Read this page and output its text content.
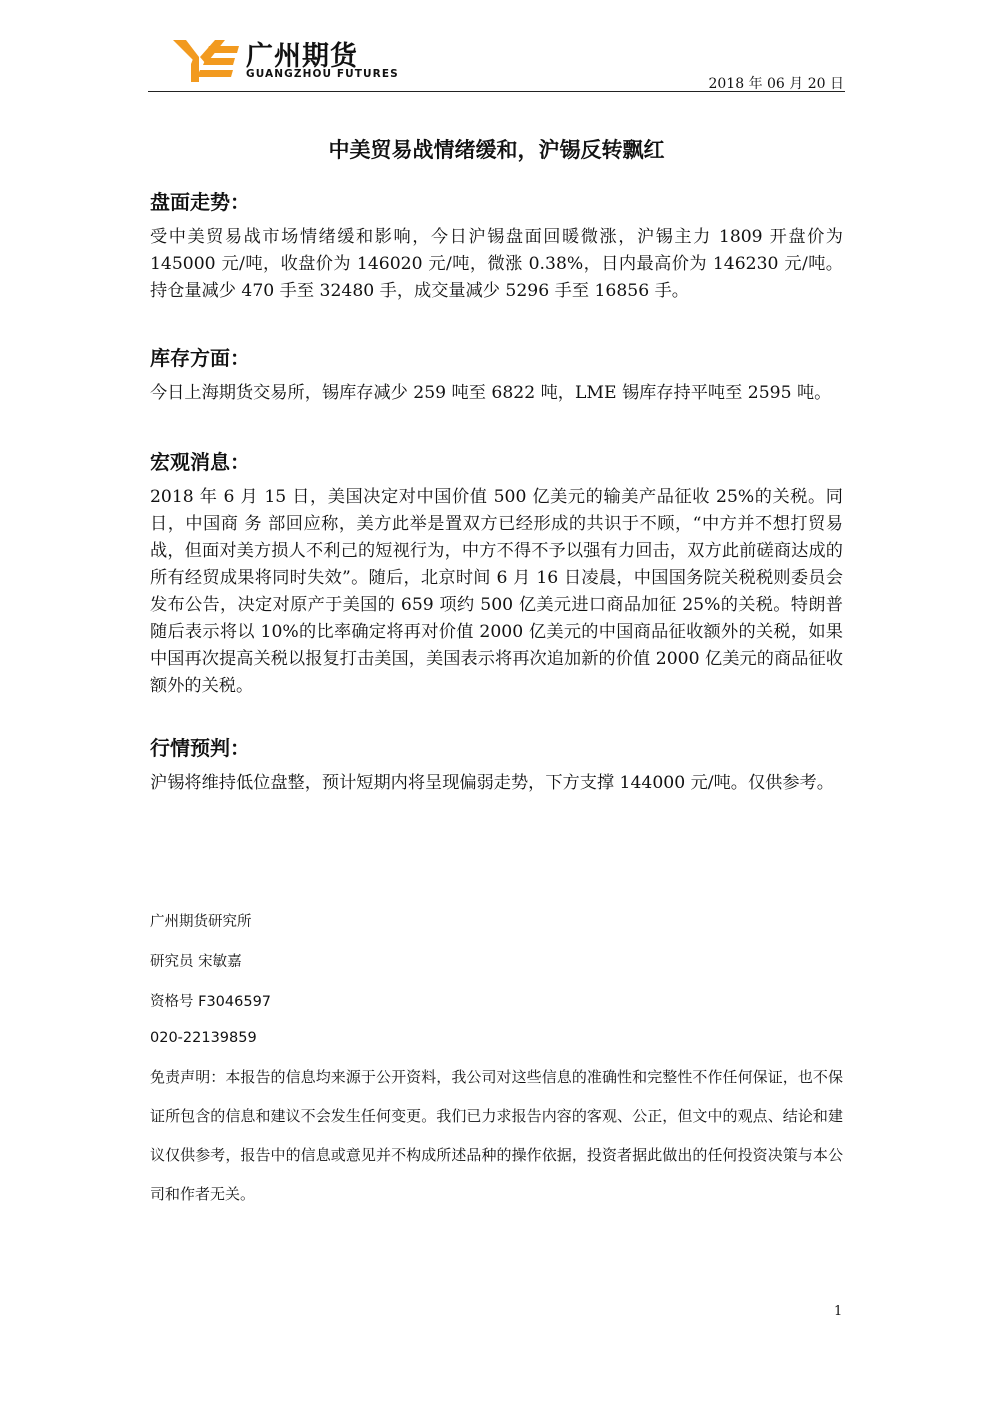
广州期货
GUANGZHOU FUTURES
2018 年 06 月 20 日
中美贸易战情绪缓和，沪锡反转飘红
盘面走势：
受中美贸易战市场情绪缓和影响，今日沪锡盘面回暖微涨，沪锡主力 1809 开盘价为 145000 元/吨，收盘价为 146020 元/吨，微涨 0.38%，日内最高价为 146230 元/吨。持仓量减少 470 手至 32480 手，成交量减少 5296 手至 16856 手。
库存方面：
今日上海期货交易所，锡库存减少 259 吨至 6822 吨，LME 锡库存持平吨至 2595 吨。
宏观消息：
2018 年 6 月 15 日，美国决定对中国价值 500 亿美元的输美产品征收 25%的关税。同日，中国商 务 部回应称，美方此举是置双方已经形成的共识于不顾，“中方并不想打贸易战，但面对美方损人不利己的短视行为，中方不得不予以强有力回击，双方此前磋商达成的所有经贸成果将同时失效”。随后，北京时间 6 月 16 日凌晨，中国国务院关税税则委员会发布公告，决定对原产于美国的 659 项约 500 亿美元进口商品加征 25%的关税。特朗普随后表示将以 10%的比率确定将再对价值 2000 亿美元的中国商品征收额外的关税，如果中国再次提高关税以报复打击美国，美国表示将再次追加新的价值 2000 亿美元的商品征收额外的关税。
行情预判：
沪锡将维持低位盘整，预计短期内将呈现偏弱走势，下方支撑 144000 元/吨。仅供参考。
广州期货研究所
研究员 宋敏嘉
资格号 F3046597
020-22139859
免责声明：本报告的信息均来源于公开资料，我公司对这些信息的准确性和完整性不作任何保证，也不保证所包含的信息和建议不会发生任何变更。我们已力求报告内容的客观、公正，但文中的观点、结论和建议仅供参考，报告中的信息或意见并不构成所述品种的操作依据，投资者据此做出的任何投资决策与本公司和作者无关。
1
